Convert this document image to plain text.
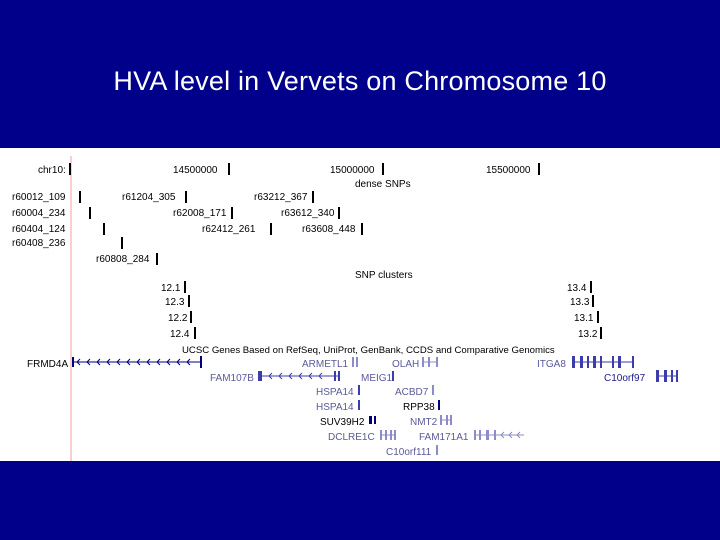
HVA level in Vervets on Chromosome 10
chr10:	14500000	15000000	15500000
dense SNPs
r60012_109
r60004_234
r60404_124
r60408_236
r61204_305
r62008_171
r62412_261
r60808_284
r63212_367
r63612_340
r63608_448
SNP clusters
12.1
12.3
12.2
12.4
13.4
13.3
13.1
13.2
UCSC Genes Based on RefSeq, UniProt, GenBank, CCDS and Comparative Genomics
FRMD4A	ARMETL1	OLAH	ITGA8
FAM107B	MEIG1	C10orf97
HSPA14	ACBD7
HSPA14	RPP38
SUV39H2	NMT2
DCLRE1C	FAM171A1
C10orf111
